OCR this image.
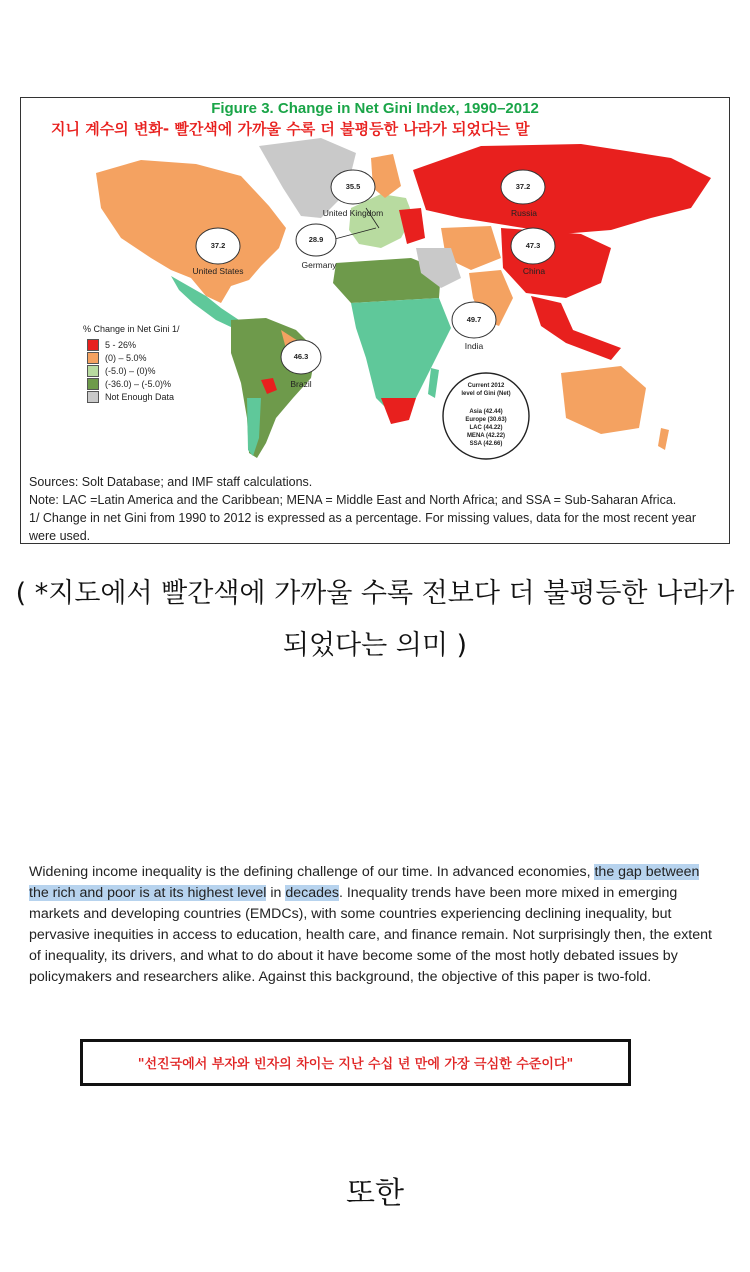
Figure 3. Change in Net Gini Index, 1990–2012
지니 계수의 변화- 빨간색에 가까울 수록 더 불평등한 나라가 되었다는 말
37.2
United States
35.5
United Kingdom
28.9
Germany
37.2
Russia
47.3
China
49.7
India
46.3
Brazil	Current 2012
level of Gini (Net)
Asia (42.44)
Europe (30.63)
LAC (44.22)
MENA (42.22)
SSA (42.66)
% Change in Net Gini 1/
5 - 26%
(0) – 5.0%
(-5.0) – (0)%
(-36.0) – (-5.0)%
Not Enough Data
Sources: Solt Database; and IMF staff calculations.
Note: LAC =Latin America and the Caribbean; MENA = Middle East and North Africa; and SSA = Sub-Saharan Africa.
1/ Change in net Gini from 1990 to 2012 is expressed as a percentage. For missing values, data for the most recent year were used.
( *지도에서 빨간색에 가까울 수록 전보다 더 불평등한 나라가 되었다는 의미 )
Widening income inequality is the defining challenge of our time. In advanced economies, the gap between the rich and poor is at its highest level in decades. Inequality trends have been more mixed in emerging markets and developing countries (EMDCs), with some countries experiencing declining inequality, but pervasive inequities in access to education, health care, and finance remain. Not surprisingly then, the extent of inequality, its drivers, and what to do about it have become some of the most hotly debated issues by policymakers and researchers alike. Against this background, the objective of this paper is two-fold.
"선진국에서 부자와 빈자의 차이는 지난 수십 년 만에 가장 극심한 수준이다"
또한
